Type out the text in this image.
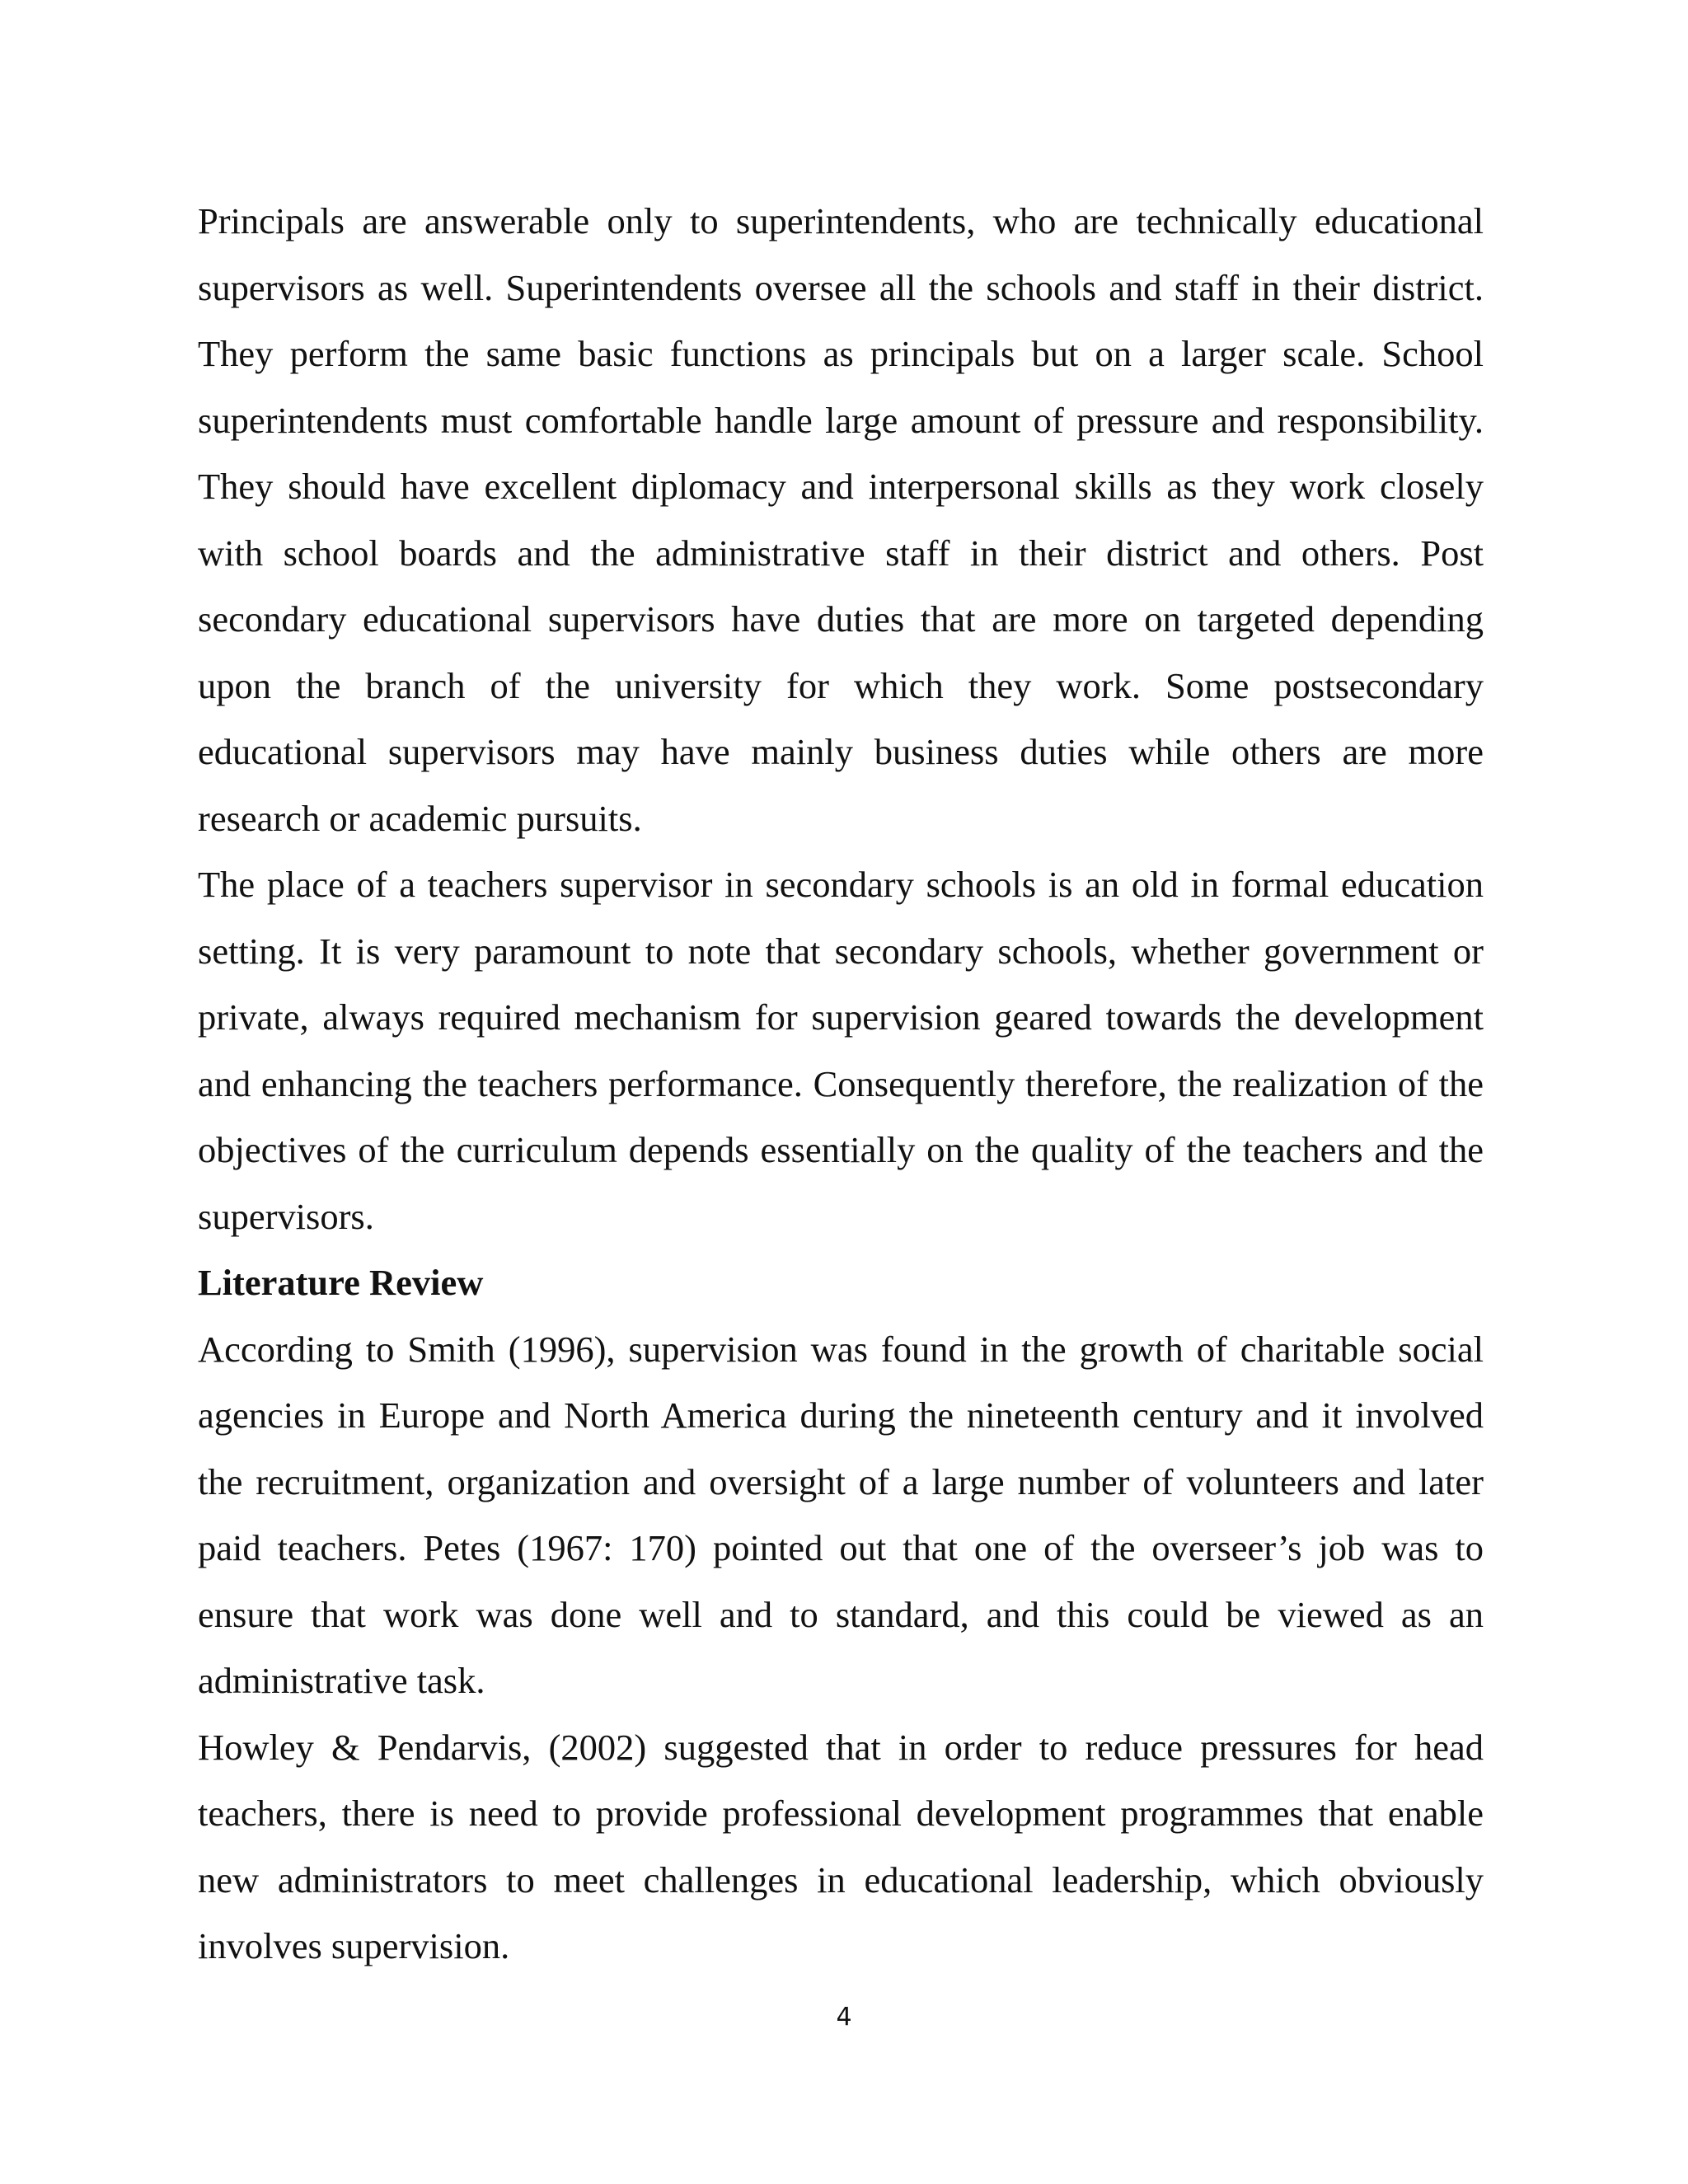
Principals are answerable only to superintendents, who are technically educational supervisors as well. Superintendents oversee all the schools and staff in their district. They perform the same basic functions as principals but on a larger scale. School superintendents must comfortable handle large amount of pressure and responsibility. They should have excellent diplomacy and interpersonal skills as they work closely with school boards and the administrative staff in their district and others. Post secondary educational supervisors have duties that are more on targeted depending upon the branch of the university for which they work. Some postsecondary educational supervisors may have mainly business duties while others are more research or academic pursuits.

The place of a teachers supervisor in secondary schools is an old in formal education setting. It is very paramount to note that secondary schools, whether government or private, always required mechanism for supervision geared towards the development and enhancing the teachers performance. Consequently therefore, the realization of the objectives of the curriculum depends essentially on the quality of the teachers and the supervisors.

Literature Review

According to Smith (1996), supervision was found in the growth of charitable social agencies in Europe and North America during the nineteenth century and it involved the recruitment, organization and oversight of a large number of volunteers and later paid teachers. Petes (1967: 170) pointed out that one of the overseer’s job was to ensure that work was done well and to standard, and this could be viewed as an administrative task.

Howley & Pendarvis, (2002) suggested that in order to reduce pressures for head teachers, there is need to provide professional development programmes that enable new administrators to meet challenges in educational leadership, which obviously involves supervision.

4
